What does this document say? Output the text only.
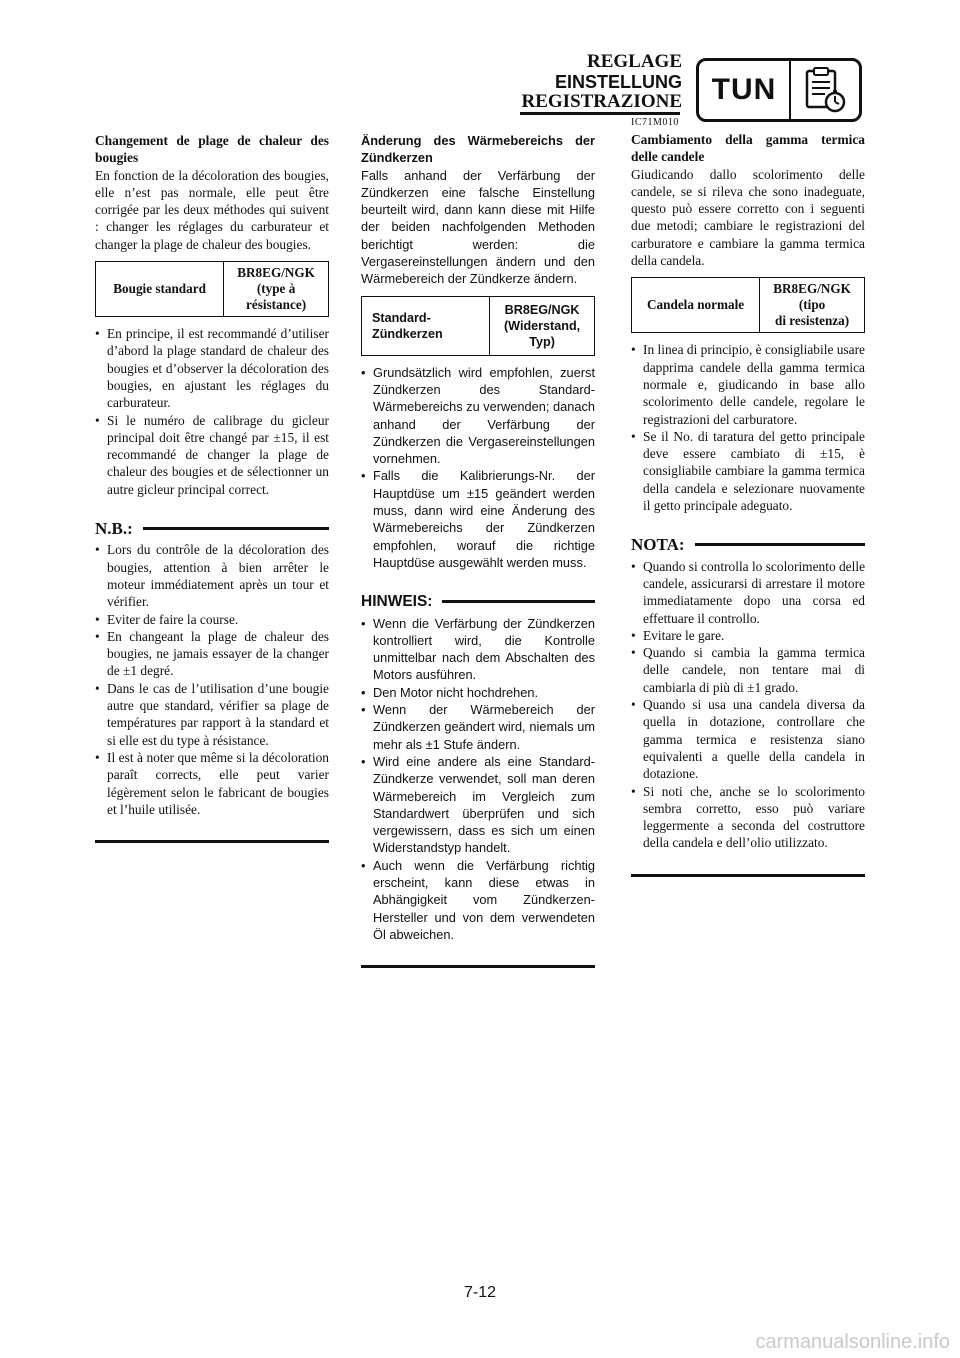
REGLAGE
EINSTELLUNG
REGISTRAZIONE TUN
IC71M010

Changement de plage de chaleur des bougies

En fonction de la décoloration des bougies, elle n’est pas normale, elle peut être corrigée par les deux méthodes qui suivent : changer les réglages du carburateur et changer la plage de chaleur des bougies.

Bougie standard	BR8EG/NGK
(type à
résistance)
• En principe, il est recommandé d’utiliser d’abord la plage standard de chaleur des bougies et d’observer la décoloration des bougies, en ajustant les réglages du carburateur.
• Si le numéro de calibrage du gicleur principal doit être changé par ±15, il est recommandé de changer la plage de chaleur des bougies et de sélectionner un autre gicleur principal correct.
N.B.:
• Lors du contrôle de la décoloration des bougies, attention à bien arrêter le moteur immédiatement après un tour et vérifier.
• Eviter de faire la course.
• En changeant la plage de chaleur des bougies, ne jamais essayer de la changer de ±1 degré.
• Dans le cas de l’utilisation d’une bougie autre que standard, vérifier sa plage de températures par rapport à la standard et si elle est du type à résistance.
• Il est à noter que même si la décoloration paraît corrects, elle peut varier légèrement selon le fabricant de bougies et l’huile utilisée.

Änderung des Wärmebereichs der Zündkerzen

Falls anhand der Verfärbung der Zündkerzen eine falsche Einstellung beurteilt wird, dann kann diese mit Hilfe der beiden nachfolgenden Methoden berichtigt werden: die Vergasereinstellungen ändern und den Wärmebereich der Zündkerze ändern.

Standard-
Zündkerzen	BR8EG/NGK
(Widerstand,
Typ)
• Grundsätzlich wird empfohlen, zuerst Zündkerzen des Standard-Wärmebereichs zu verwenden; danach anhand der Verfärbung der Zündkerzen die Vergasereinstellungen vornehmen.
• Falls die Kalibrierungs-Nr. der Hauptdüse um ±15 geändert werden muss, dann wird eine Änderung des Wärmebereichs der Zündkerzen empfohlen, worauf die richtige Hauptdüse ausgewählt werden muss.
HINWEIS:
• Wenn die Verfärbung der Zündkerzen kontrolliert wird, die Kontrolle unmittelbar nach dem Abschalten des Motors ausführen.
• Den Motor nicht hochdrehen.
• Wenn der Wärmebereich der Zündkerzen geändert wird, niemals um mehr als ±1 Stufe ändern.
• Wird eine andere als eine Standard-Zündkerze verwendet, soll man deren Wärmebereich im Vergleich zum Standardwert überprüfen und sich vergewissern, dass es sich um einen Widerstandstyp handelt.
• Auch wenn die Verfärbung richtig erscheint, kann diese etwas in Abhängigkeit vom Zündkerzen-Hersteller und von dem verwendeten Öl abweichen.

Cambiamento della gamma termica delle candele

Giudicando dallo scolorimento delle candele, se si rileva che sono inadeguate, questo può essere corretto con i seguenti due metodi; cambiare le registrazioni del carburatore e cambiare la gamma termica della candela.

Candela normale	BR8EG/NGK
(tipo
di resistenza)
• In linea di principio, è consigliabile usare dapprima candele della gamma termica normale e, giudicando in base allo scolorimento delle candele, regolare le registrazioni del carburatore.
• Se il No. di taratura del getto principale deve essere cambiato di ±15, è consigliabile cambiare la gamma termica della candela e selezionare nuovamente il getto principale adeguato.
NOTA:
• Quando si controlla lo scolorimento delle candele, assicurarsi di arrestare il motore immediatamente dopo una corsa ed effettuare il controllo.
• Evitare le gare.
• Quando si cambia la gamma termica delle candele, non tentare mai di cambiarla di più di ±1 grado.
• Quando si usa una candela diversa da quella in dotazione, controllare che gamma termica e resistenza siano equivalenti a quelle della candela in dotazione.
• Si noti che, anche se lo scolorimento sembra corretto, esso può variare leggermente a seconda del costruttore della candela e dell’olio utilizzato.
7-12
carmanualsonline.info
